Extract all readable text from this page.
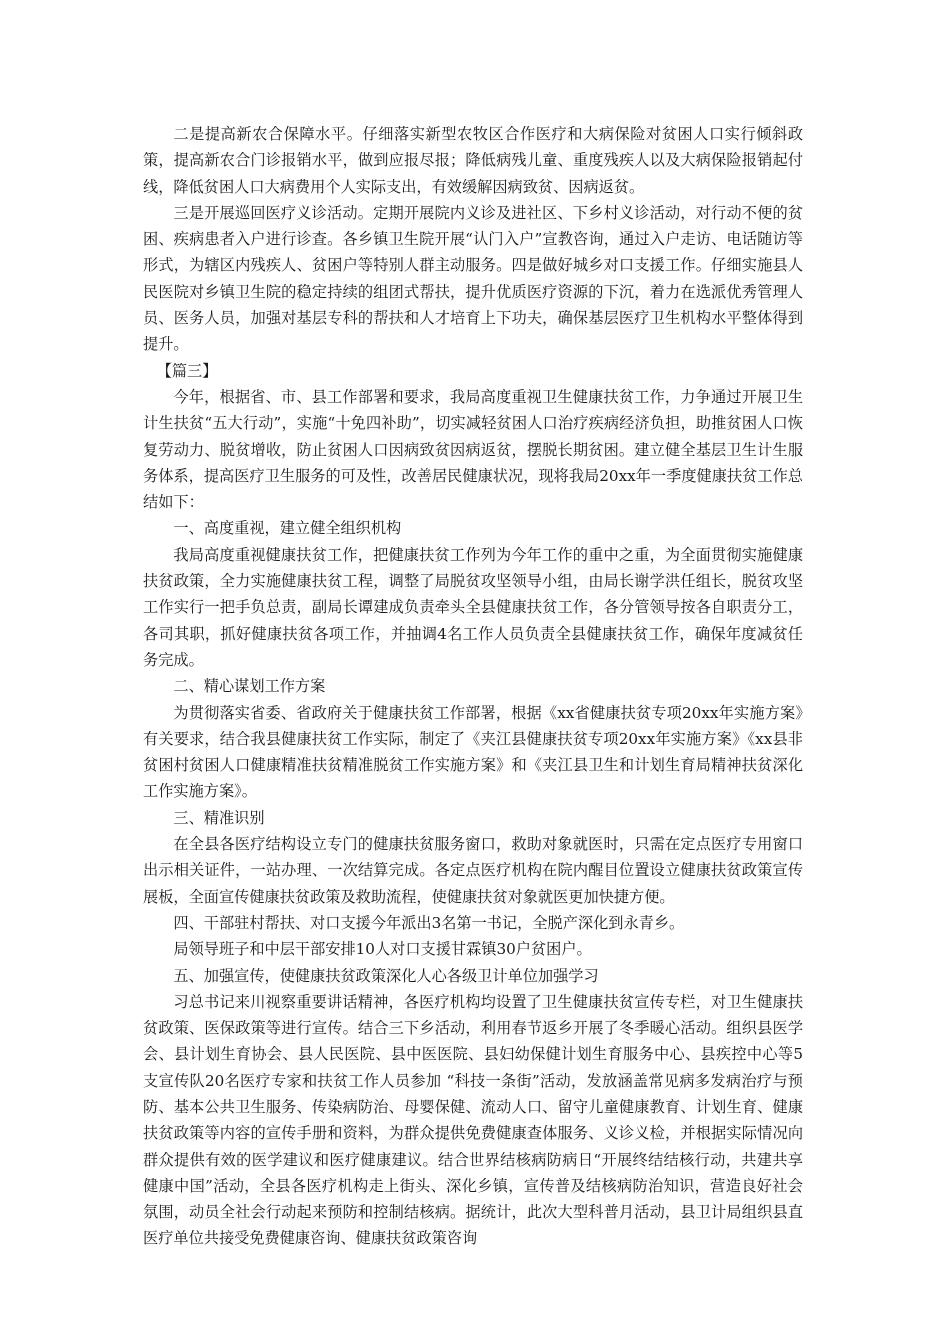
二是提高新农合保障水平。仔细落实新型农牧区合作医疗和大病保险对贫困人口实行倾斜政策，提高新农合门诊报销水平，做到应报尽报；降低病残儿童、重度残疾人以及大病保险报销起付线，降低贫困人口大病费用个人实际支出，有效缓解因病致贫、因病返贫。

三是开展巡回医疗义诊活动。定期开展院内义诊及进社区、下乡村义诊活动，对行动不便的贫困、疾病患者入户进行诊查。各乡镇卫生院开展“认门入户”宣教咨询，通过入户走访、电话随访等形式，为辖区内残疾人、贫困户等特别人群主动服务。四是做好城乡对口支援工作。仔细实施县人民医院对乡镇卫生院的稳定持续的组团式帮扶，提升优质医疗资源的下沉，着力在选派优秀管理人员、医务人员，加强对基层专科的帮扶和人才培育上下功夫，确保基层医疗卫生机构水平整体得到提升。

【篇三】

今年，根据省、市、县工作部署和要求，我局高度重视卫生健康扶贫工作，力争通过开展卫生计生扶贫“五大行动”，实施“十免四补助”，切实减轻贫困人口治疗疾病经济负担，助推贫困人口恢复劳动力、脱贫增收，防止贫困人口因病致贫因病返贫，摆脱长期贫困。建立健全基层卫生计生服务体系，提高医疗卫生服务的可及性，改善居民健康状况，现将我局20xx年一季度健康扶贫工作总结如下：

一、高度重视，建立健全组织机构

我局高度重视健康扶贫工作，把健康扶贫工作列为今年工作的重中之重，为全面贯彻实施健康扶贫政策，全力实施健康扶贫工程，调整了局脱贫攻坚领导小组，由局长谢学洪任组长，脱贫攻坚工作实行一把手负总责，副局长谭建成负责牵头全县健康扶贫工作，各分管领导按各自职责分工，各司其职，抓好健康扶贫各项工作，并抽调4名工作人员负责全县健康扶贫工作，确保年度减贫任务完成。

二、精心谋划工作方案

为贯彻落实省委、省政府关于健康扶贫工作部署，根据《xx省健康扶贫专项20xx年实施方案》有关要求，结合我县健康扶贫工作实际，制定了《夹江县健康扶贫专项20xx年实施方案》《xx县非贫困村贫困人口健康精准扶贫精准脱贫工作实施方案》和《夹江县卫生和计划生育局精神扶贫深化工作实施方案》。

三、精准识别

在全县各医疗结构设立专门的健康扶贫服务窗口，救助对象就医时，只需在定点医疗专用窗口出示相关证件，一站办理、一次结算完成。各定点医疗机构在院内醒目位置设立健康扶贫政策宣传展板，全面宣传健康扶贫政策及救助流程，使健康扶贫对象就医更加快捷方便。

四、干部驻村帮扶、对口支援今年派出3名第一书记，全脱产深化到永青乡。

局领导班子和中层干部安排10人对口支援甘霖镇30户贫困户。

五、加强宣传，使健康扶贫政策深化人心各级卫计单位加强学习

习总书记来川视察重要讲话精神，各医疗机构均设置了卫生健康扶贫宣传专栏，对卫生健康扶贫政策、医保政策等进行宣传。结合三下乡活动，利用春节返乡开展了冬季暖心活动。组织县医学会、县计划生育协会、县人民医院、县中医医院、县妇幼保健计划生育服务中心、县疾控中心等5支宣传队20名医疗专家和扶贫工作人员参加 “科技一条街”活动，发放涵盖常见病多发病治疗与预防、基本公共卫生服务、传染病防治、母婴保健、流动人口、留守儿童健康教育、计划生育、健康扶贫政策等内容的宣传手册和资料，为群众提供免费健康查体服务、义诊义检，并根据实际情况向群众提供有效的医学建议和医疗健康建议。结合世界结核病防病日“开展终结结核行动，共建共享健康中国”活动，全县各医疗机构走上街头、深化乡镇，宣传普及结核病防治知识，营造良好社会氛围，动员全社会行动起来预防和控制结核病。据统计，此次大型科普月活动，县卫计局组织县直医疗单位共接受免费健康咨询、健康扶贫政策咨询
